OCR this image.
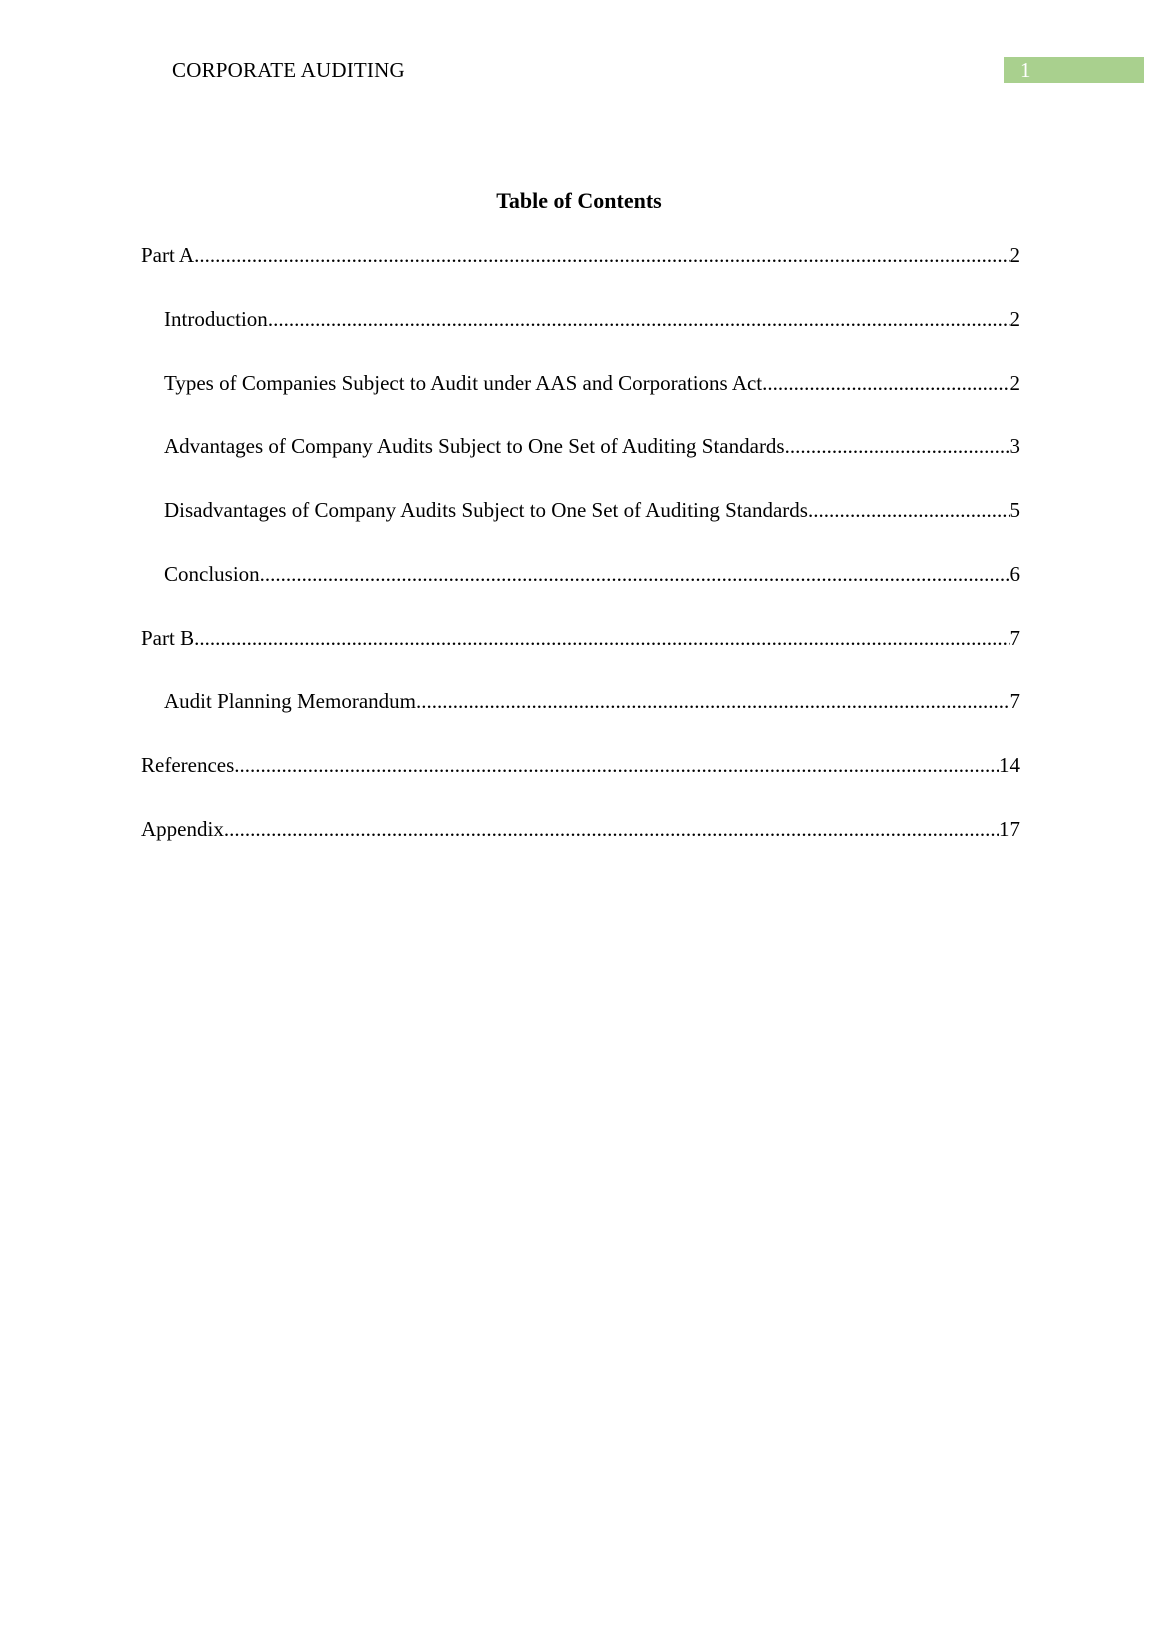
CORPORATE AUDITING	1
Table of Contents
Part A .....	2
Introduction .....	2
Types of Companies Subject to Audit under AAS and Corporations Act .....	2
Advantages of Company Audits Subject to One Set of Auditing Standards .....	3
Disadvantages of Company Audits Subject to One Set of Auditing Standards .....	5
Conclusion .....	6
Part B .....	7
Audit Planning Memorandum .....	7
References .....	14
Appendix .....	17
